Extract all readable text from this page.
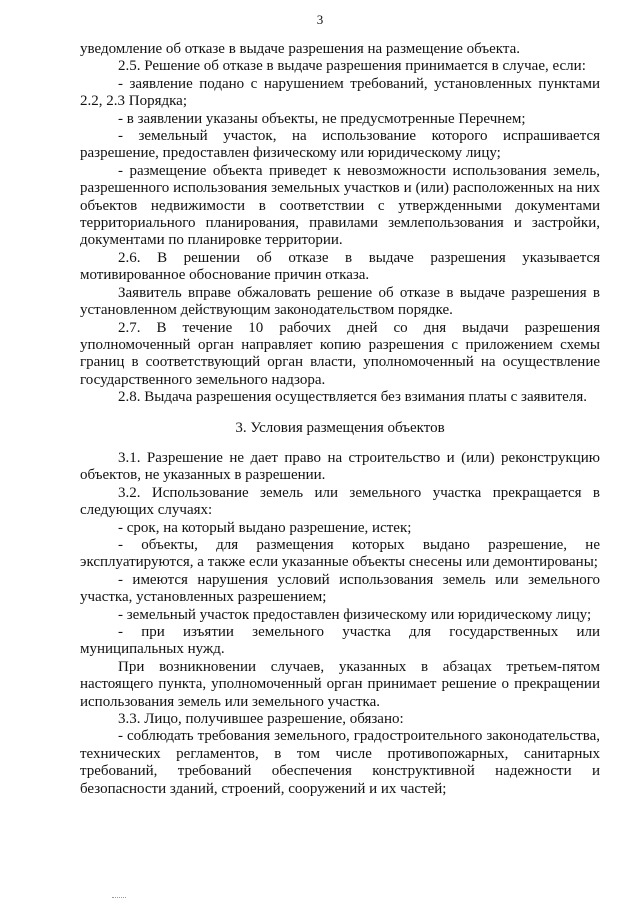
3

уведомление об отказе в выдаче разрешения на размещение объекта.

2.5. Решение об отказе в выдаче разрешения принимается в случае, если:

- заявление подано с нарушением требований, установленных пунктами 2.2, 2.3 Порядка;

- в заявлении указаны объекты, не предусмотренные Перечнем;

- земельный участок, на использование которого испрашивается разрешение, предоставлен физическому или юридическому лицу;

- размещение объекта приведет к невозможности использования земель, разрешенного использования земельных участков и (или) расположенных на них объектов недвижимости в соответствии с утвержденными документами территориального планирования, правилами землепользования и застройки, документами по планировке территории.

2.6. В решении об отказе в выдаче разрешения указывается мотивированное обоснование причин отказа.

Заявитель вправе обжаловать решение об отказе в выдаче разрешения в установленном действующим законодательством порядке.

2.7. В течение 10 рабочих дней со дня выдачи разрешения уполномоченный орган направляет копию разрешения с приложением схемы границ в соответствующий орган власти, уполномоченный на осуществление государственного земельного надзора.

2.8. Выдача разрешения осуществляется без взимания платы с заявителя.

3. Условия размещения объектов

3.1. Разрешение не дает право на строительство и (или) реконструкцию объектов, не указанных в разрешении.

3.2. Использование земель или земельного участка прекращается в следующих случаях:

- срок, на который выдано разрешение, истек;

- объекты, для размещения которых выдано разрешение, не эксплуатируются, а также если указанные объекты снесены или демонтированы;

- имеются нарушения условий использования земель или земельного участка, установленных разрешением;

- земельный участок предоставлен физическому или юридическому лицу;

- при изъятии земельного участка для государственных или муниципальных нужд.

При возникновении случаев, указанных в абзацах третьем-пятом настоящего пункта, уполномоченный орган принимает решение о прекращении использования земель или земельного участка.

3.3. Лицо, получившее разрешение, обязано:

- соблюдать требования земельного, градостроительного законодательства, технических регламентов, в том числе противопожарных, санитарных требований, требований обеспечения конструктивной надежности и безопасности зданий, строений, сооружений и их частей;
